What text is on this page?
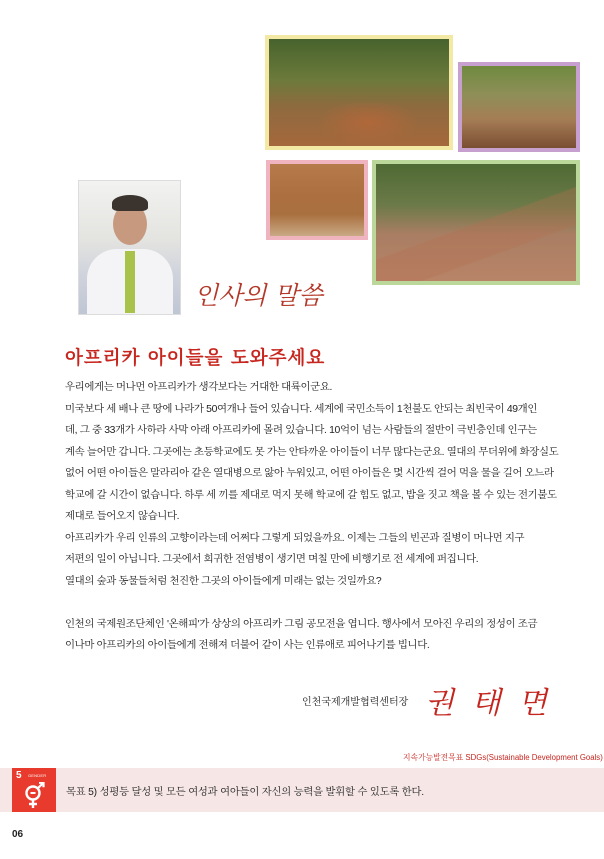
인사의 말씀
아프리카 아이들을 도와주세요
우리에게는 머나먼 아프리카가 생각보다는 거대한 대륙이군요.
미국보다 세 배나 큰 땅에 나라가 50여개나 들어 있습니다. 세계에 국민소득이 1천불도 안되는 최빈국이 49개인
데, 그 중 33개가 사하라 사막 아래 아프리카에 몰려 있습니다. 10억이 넘는 사람들의 절반이 극빈층인데 인구는
계속 늘어만 갑니다. 그곳에는 초등학교에도 못 가는 안타까운 아이들이 너무 많다는군요. 열대의 무더위에 화장실도
없어 어떤 아이들은 말라리아 같은 열대병으로 앓아 누워있고, 어떤 아이들은 몇 시간씩 걸어 먹을 물을 길어 오느라
학교에 갈 시간이 없습니다. 하루 세 끼를 제대로 먹지 못해 학교에 갈 힘도 없고, 밥을 짓고 책을 볼 수 있는 전기불도
제대로 들어오지 않습니다.
아프리카가 우리 인류의 고향이라는데 어쩌다 그렇게 되었을까요. 이제는 그들의 빈곤과 질병이 머나먼 지구
저편의 일이 아닙니다. 그곳에서 희귀한 전염병이 생기면 며칠 만에 비행기로 전 세계에 퍼집니다.
열대의 숲과 동물들처럼 천진한 그곳의 아이들에게 미래는 없는 것일까요?
인천의 국제원조단체인 '온해피'가 상상의 아프리카 그림 공모전을 엽니다. 행사에서 모아진 우리의 정성이 조금
이나마 아프리카의 아이들에게 전해져 더불어 같이 사는 인류애로 피어나기를 빕니다.
인천국제개발협력센터장 권 태 면
지속가능발전목표 SDGs(Sustainable Development Goals)
5 GENDER
목표 5) 성평등 달성 및 모든 여성과 여아들이 자신의 능력을 발휘할 수 있도록 한다.
06
